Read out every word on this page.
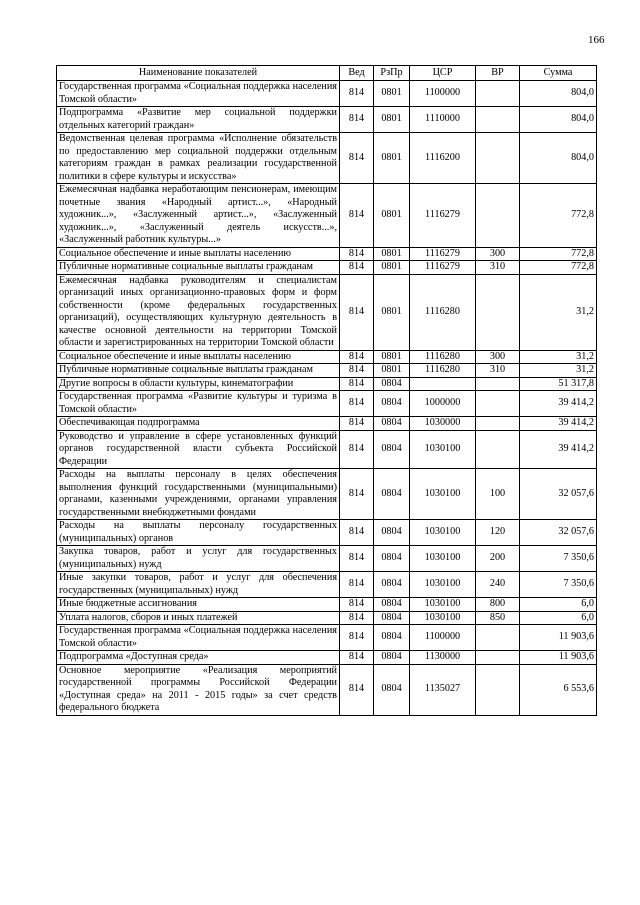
166
Наименование показателей	Вед	РзПр	ЦСР	ВР	Сумма
Государственная программа «Социальная поддержка населения Томской области»	814	0801	1100000		804,0
Подпрограмма «Развитие мер социальной поддержки отдельных категорий граждан»	814	0801	1110000		804,0
Ведомственная целевая программа «Исполнение обязательств по предоставлению мер социальной поддержки отдельным категориям граждан в рамках реализации государственной политики в сфере культуры и искусства»	814	0801	1116200		804,0
Ежемесячная надбавка неработающим пенсионерам, имеющим почетные звания «Народный артист...», «Народный художник...», «Заслуженный артист...», «Заслуженный художник...», «Заслуженный деятель искусств...», «Заслуженный работник культуры...»	814	0801	1116279		772,8
Социальное обеспечение и иные выплаты населению	814	0801	1116279	300	772,8
Публичные нормативные социальные выплаты гражданам	814	0801	1116279	310	772,8
Ежемесячная надбавка руководителям и специалистам организаций иных организационно-правовых форм и форм собственности (кроме федеральных государственных организаций), осуществляющих культурную деятельность в качестве основной деятельности на территории Томской области и зарегистрированных на территории Томской области	814	0801	1116280		31,2
Социальное обеспечение и иные выплаты населению	814	0801	1116280	300	31,2
Публичные нормативные социальные выплаты гражданам	814	0801	1116280	310	31,2
Другие вопросы в области культуры, кинематографии	814	0804			51 317,8
Государственная программа «Развитие культуры и туризма в Томской области»	814	0804	1000000		39 414,2
Обеспечивающая подпрограмма	814	0804	1030000		39 414,2
Руководство и управление в сфере установленных функций органов государственной власти субъекта Российской Федерации	814	0804	1030100		39 414,2
Расходы на выплаты персоналу в целях обеспечения выполнения функций государственными (муниципальными) органами, казенными учреждениями, органами управления государственными внебюджетными фондами	814	0804	1030100	100	32 057,6
Расходы на выплаты персоналу государственных (муниципальных) органов	814	0804	1030100	120	32 057,6
Закупка товаров, работ и услуг для государственных (муниципальных) нужд	814	0804	1030100	200	7 350,6
Иные закупки товаров, работ и услуг для обеспечения государственных (муниципальных) нужд	814	0804	1030100	240	7 350,6
Иные бюджетные ассигнования	814	0804	1030100	800	6,0
Уплата налогов, сборов и иных платежей	814	0804	1030100	850	6,0
Государственная программа «Социальная поддержка населения Томской области»	814	0804	1100000		11 903,6
Подпрограмма «Доступная среда»	814	0804	1130000		11 903,6
Основное мероприятие «Реализация мероприятий государственной программы Российской Федерации «Доступная среда» на 2011 - 2015 годы» за счет средств федерального бюджета	814	0804	1135027		6 553,6
